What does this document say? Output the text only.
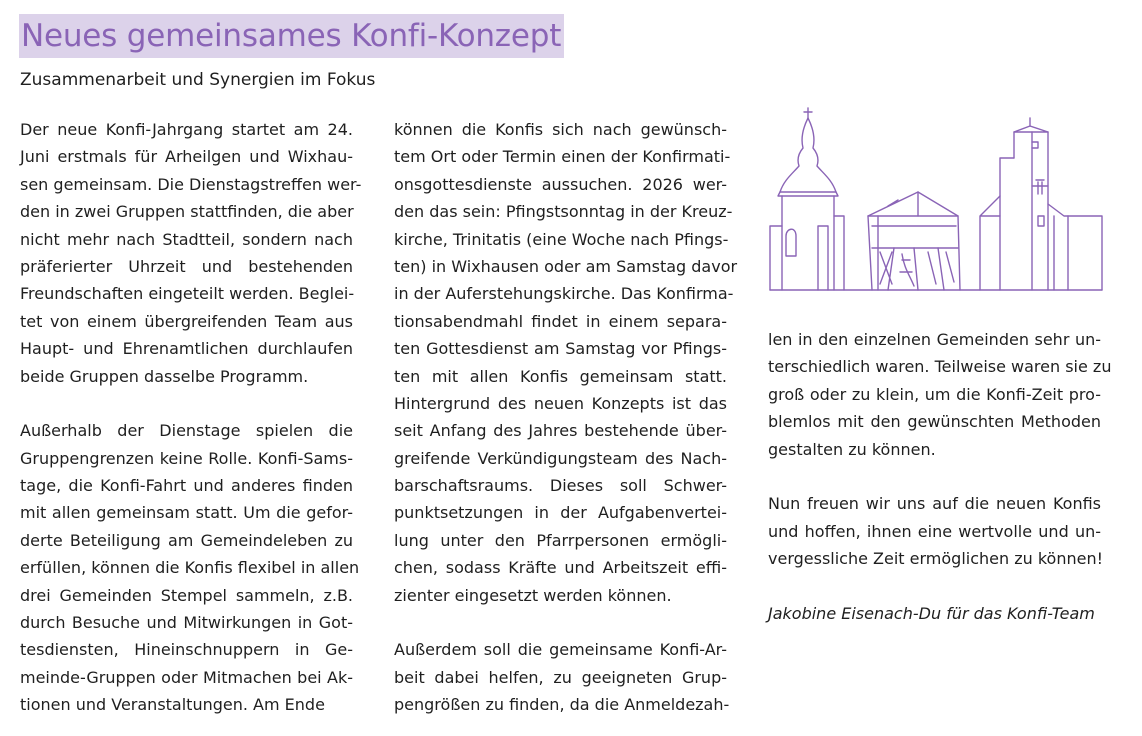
Neues gemeinsames Konfi-Konzept

Zusammenarbeit und Synergien im Fokus

Der neue Konfi-Jahrgang startet am 24.
Juni erstmals für Arheilgen und Wixhau-
sen gemeinsam. Die Dienstagstreffen wer-
den in zwei Gruppen stattfinden, die aber
nicht mehr nach Stadtteil, sondern nach
präferierter Uhrzeit und bestehenden
Freundschaften eingeteilt werden. Beglei-
tet von einem übergreifenden Team aus
Haupt- und Ehrenamtlichen durchlaufen
beide Gruppen dasselbe Programm.
Außerhalb der Dienstage spielen die
Gruppengrenzen keine Rolle. Konfi-Sams-
tage, die Konfi-Fahrt und anderes finden
mit allen gemeinsam statt. Um die gefor-
derte Beteiligung am Gemeindeleben zu
erfüllen, können die Konfis flexibel in allen
drei Gemeinden Stempel sammeln, z.B.
durch Besuche und Mitwirkungen in Got-
tesdiensten, Hineinschnuppern in Ge-
meinde-Gruppen oder Mitmachen bei Ak-
tionen und Veranstaltungen. Am Ende
können die Konfis sich nach gewünsch-
tem Ort oder Termin einen der Konfirmati-
onsgottesdienste aussuchen. 2026 wer-
den das sein: Pfingstsonntag in der Kreuz-
kirche, Trinitatis (eine Woche nach Pfings-
ten) in Wixhausen oder am Samstag davor
in der Auferstehungskirche. Das Konfirma-
tionsabendmahl findet in einem separa-
ten Gottesdienst am Samstag vor Pfings-
ten mit allen Konfis gemeinsam statt.
Hintergrund des neuen Konzepts ist das
seit Anfang des Jahres bestehende über-
greifende Verkündigungsteam des Nach-
barschaftsraums. Dieses soll Schwer-
punktsetzungen in der Aufgabenvertei-
lung unter den Pfarrpersonen ermögli-
chen, sodass Kräfte und Arbeitszeit effi-
zienter eingesetzt werden können.
Außerdem soll die gemeinsame Konfi-Ar-
beit dabei helfen, zu geeigneten Grup-
pengrößen zu finden, da die Anmeldezah-
len in den einzelnen Gemeinden sehr un-
terschiedlich waren. Teilweise waren sie zu
groß oder zu klein, um die Konfi-Zeit pro-
blemlos mit den gewünschten Methoden
gestalten zu können.
Nun freuen wir uns auf die neuen Konfis
und hoffen, ihnen eine wertvolle und un-
vergessliche Zeit ermöglichen zu können!
Jakobine Eisenach-Du für das Konfi-Team
